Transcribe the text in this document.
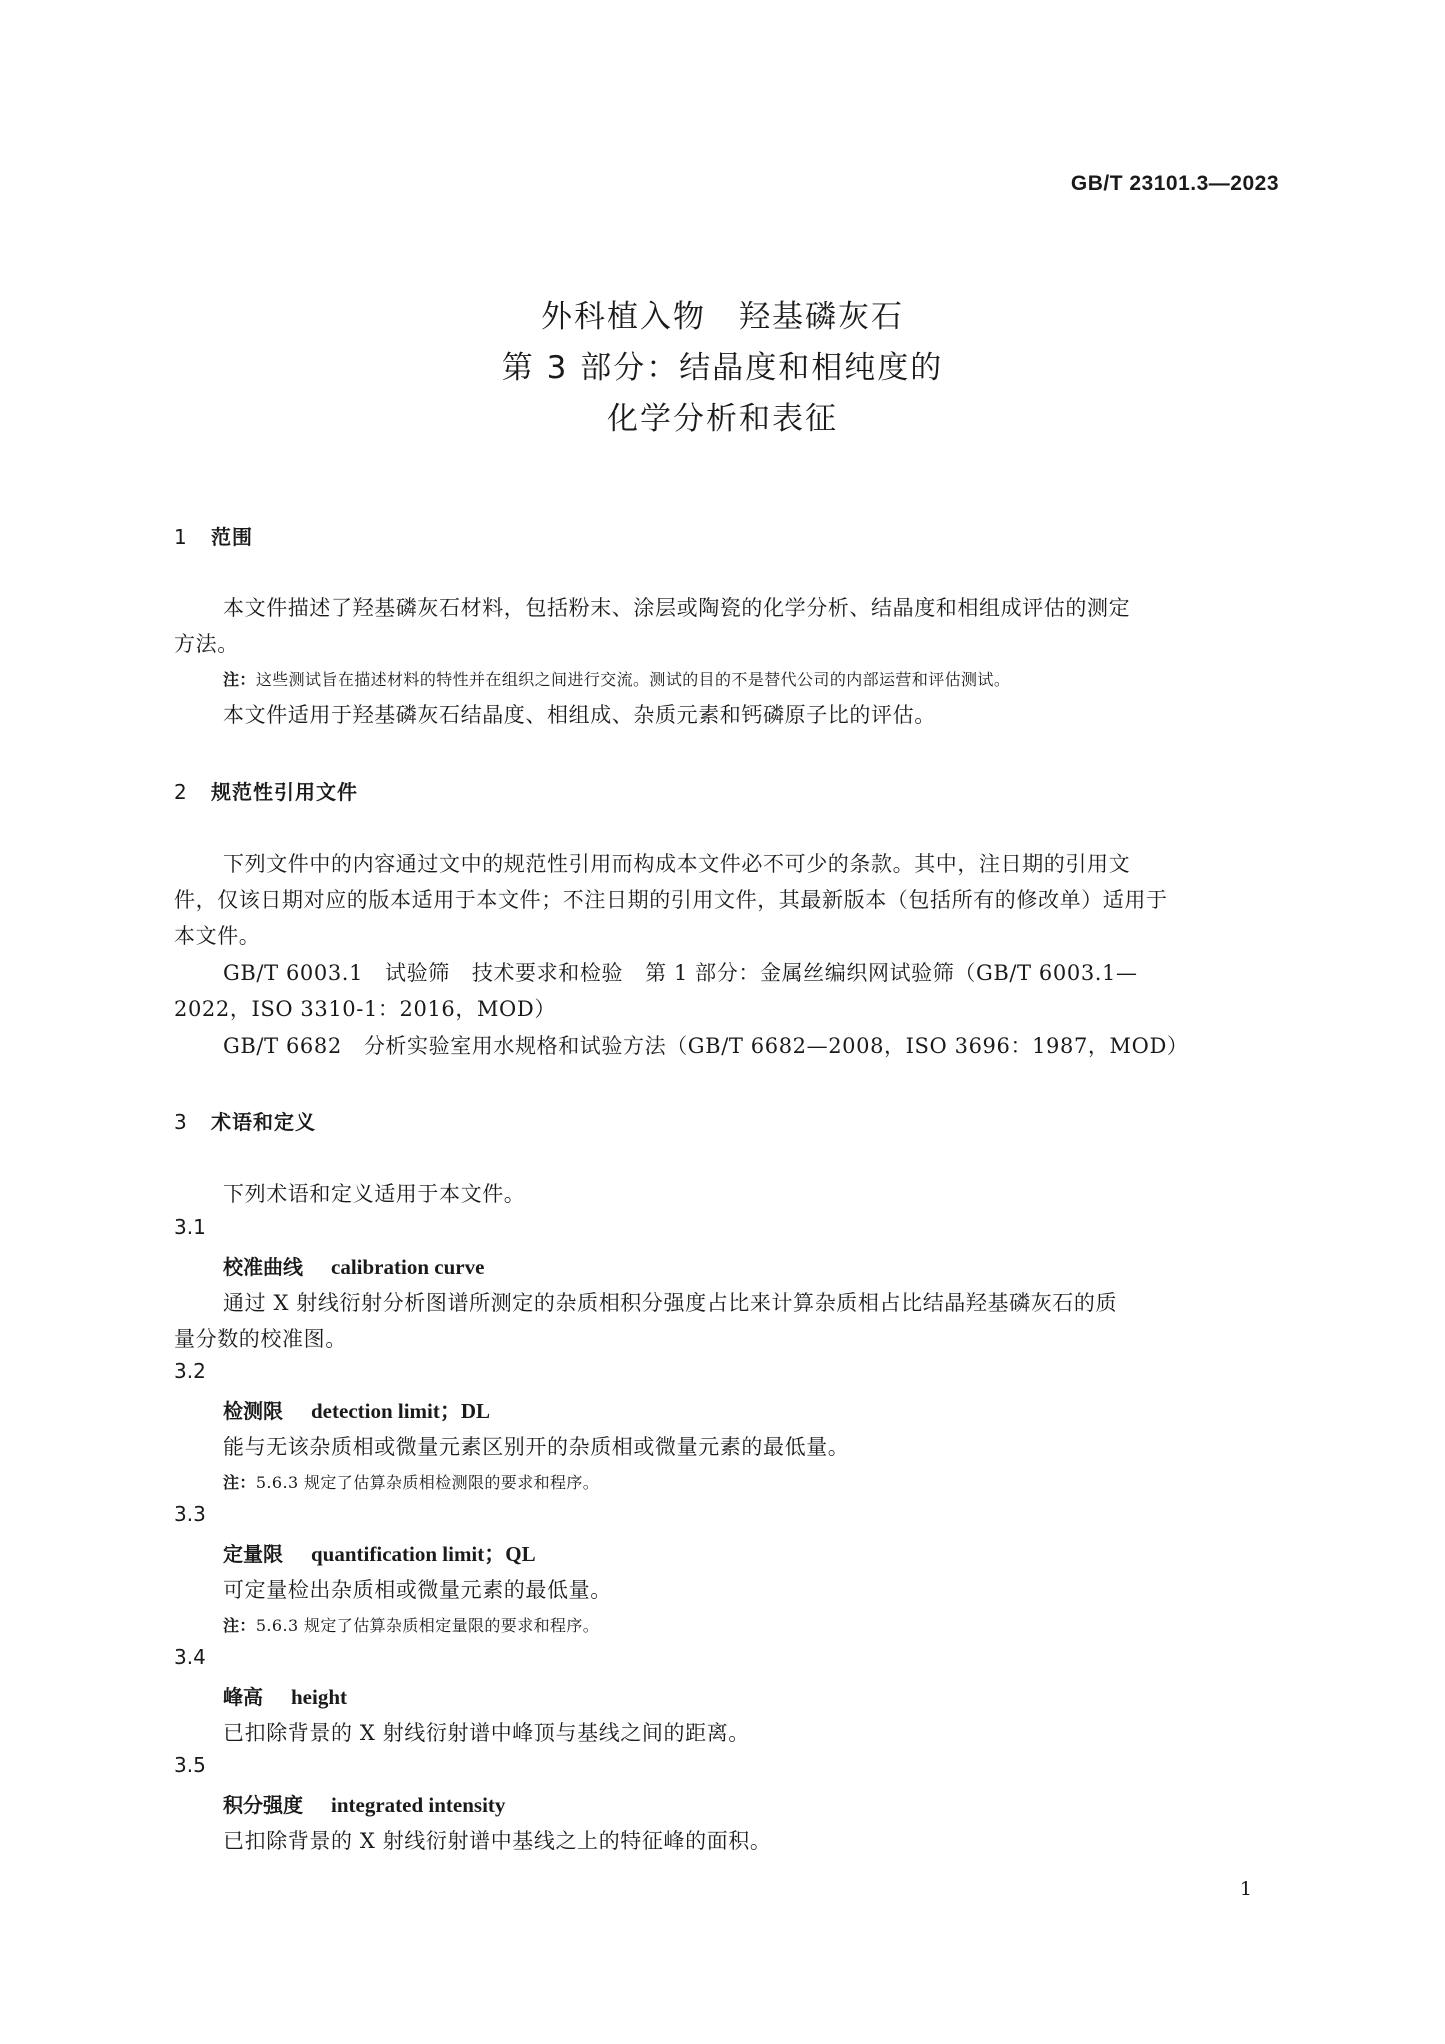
GB/T 23101.3—2023
外科植入物　羟基磷灰石
第 3 部分：结晶度和相纯度的
化学分析和表征
1 范围
本文件描述了羟基磷灰石材料，包括粉末、涂层或陶瓷的化学分析、结晶度和相组成评估的测定
方法。
注：这些测试旨在描述材料的特性并在组织之间进行交流。测试的目的不是替代公司的内部运营和评估测试。
本文件适用于羟基磷灰石结晶度、相组成、杂质元素和钙磷原子比的评估。
2 规范性引用文件
下列文件中的内容通过文中的规范性引用而构成本文件必不可少的条款。其中，注日期的引用文
件，仅该日期对应的版本适用于本文件；不注日期的引用文件，其最新版本（包括所有的修改单）适用于
本文件。
GB/T 6003.1 试验筛 技术要求和检验 第 1 部分：金属丝编织网试验筛（GB/T 6003.1—
2022，ISO 3310-1：2016，MOD）
GB/T 6682 分析实验室用水规格和试验方法（GB/T 6682—2008，ISO 3696：1987，MOD）
3 术语和定义
下列术语和定义适用于本文件。
3.1
校准曲线 calibration curve
通过 X 射线衍射分析图谱所测定的杂质相积分强度占比来计算杂质相占比结晶羟基磷灰石的质
量分数的校准图。
3.2
检测限 detection limit；DL
能与无该杂质相或微量元素区别开的杂质相或微量元素的最低量。
注：5.6.3 规定了估算杂质相检测限的要求和程序。
3.3
定量限 quantification limit；QL
可定量检出杂质相或微量元素的最低量。
注：5.6.3 规定了估算杂质相定量限的要求和程序。
3.4
峰高 height
已扣除背景的 X 射线衍射谱中峰顶与基线之间的距离。
3.5
积分强度 integrated intensity
已扣除背景的 X 射线衍射谱中基线之上的特征峰的面积。
1
